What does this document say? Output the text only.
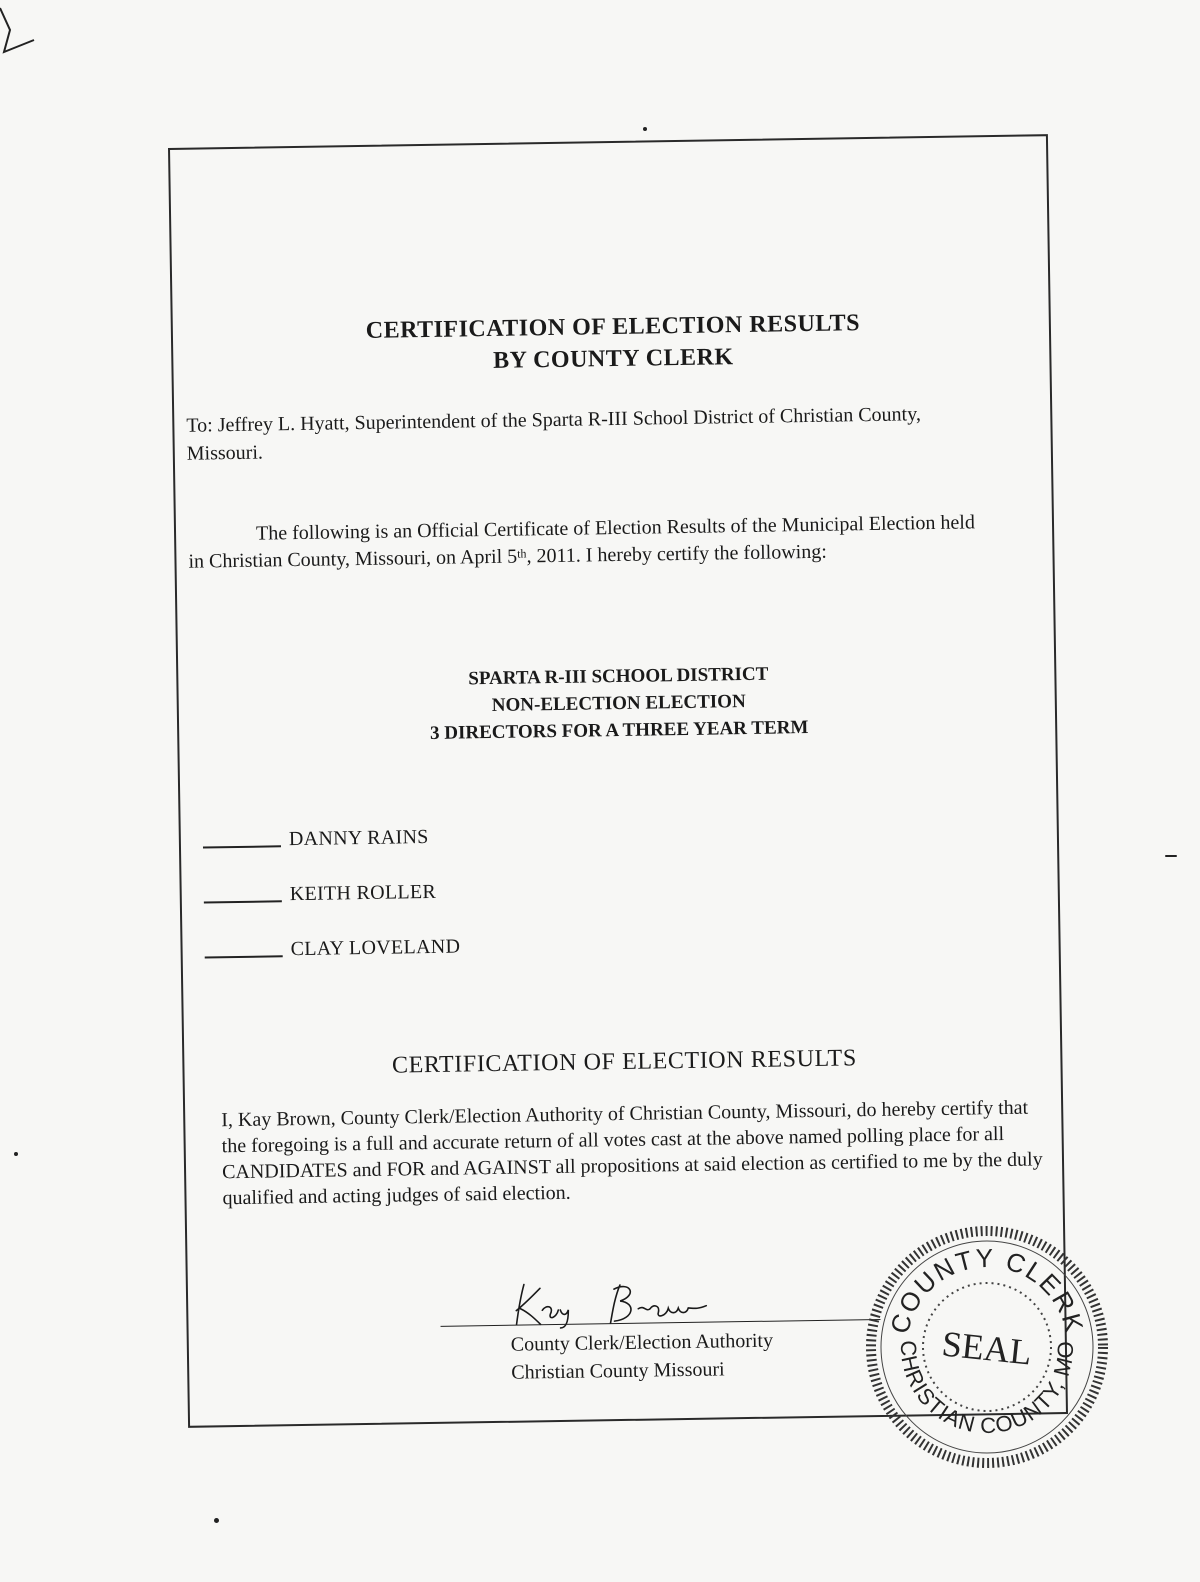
CERTIFICATION OF ELECTION RESULTS
BY COUNTY CLERK
To: Jeffrey L. Hyatt, Superintendent of the Sparta R-III School District of Christian County, Missouri.
The following is an Official Certificate of Election Results of the Municipal Election held in Christian County, Missouri, on April 5th, 2011. I hereby certify the following:
SPARTA R-III SCHOOL DISTRICT
NON-ELECTION ELECTION
3 DIRECTORS FOR A THREE YEAR TERM
DANNY RAINS
KEITH ROLLER
CLAY LOVELAND
CERTIFICATION OF ELECTION RESULTS
I, Kay Brown, County Clerk/Election Authority of Christian County, Missouri, do hereby certify that the foregoing is a full and accurate return of all votes cast at the above named polling place for all CANDIDATES and FOR and AGAINST all propositions at said election as certified to me by the duly qualified and acting judges of said election.
County Clerk/Election Authority
Christian County Missouri
COUNTY CLERK
CHRISTIAN COUNTY, MO
SEAL
